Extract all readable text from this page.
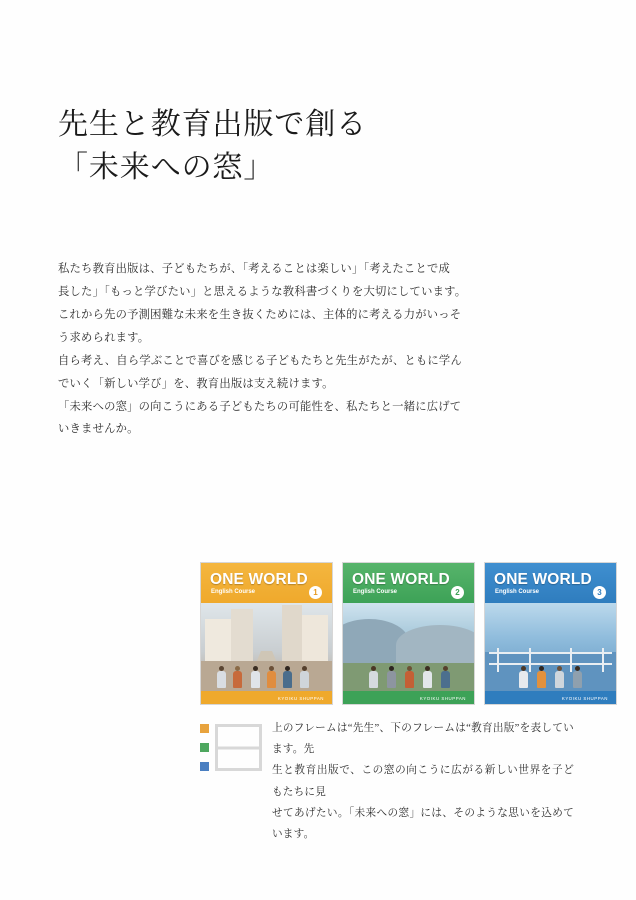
先生と教育出版で創る
「未来への窓」

私たち教育出版は、子どもたちが、「考えることは楽しい」「考えたことで成

長した」「もっと学びたい」と思えるような教科書づくりを大切にしています。

これから先の予測困難な未来を生き抜くためには、主体的に考える力がいっそ

う求められます。

自ら考え、自ら学ぶことで喜びを感じる子どもたちと先生がたが、ともに学ん

でいく「新しい学び」を、教育出版は支え続けます。

「未来への窓」の向こうにある子どもたちの可能性を、私たちと一緒に広げて

いきませんか。

ONE WORLD
English Course	1
KYOIKU SHUPPAN
ONE WORLD
English Course	2
KYOIKU SHUPPAN
ONE WORLD
English Course	3
KYOIKU SHUPPAN

上のフレームは“先生”、下のフレームは“教育出版”を表しています。先

生と教育出版で、この窓の向こうに広がる新しい世界を子どもたちに見

せてあげたい。「未来への窓」には、そのような思いを込めています。
